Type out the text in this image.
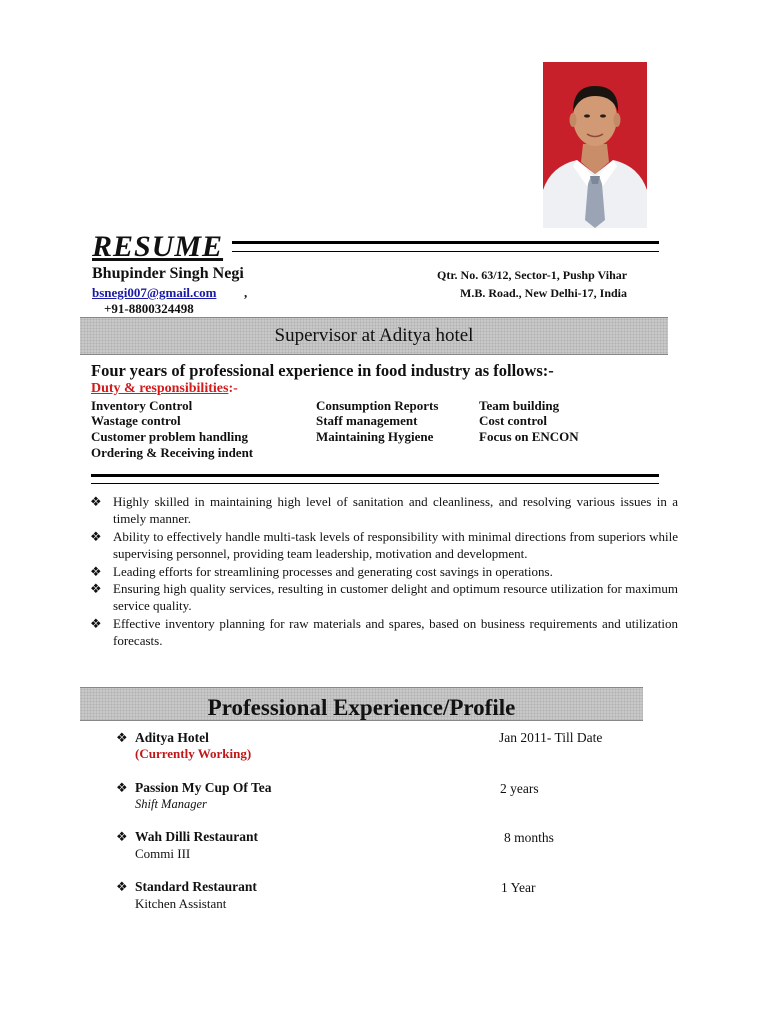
RESUME
Bhupinder Singh Negi
bsnegi007@gmail.com ,
+91-8800324498
Qtr. No. 63/12, Sector-1, Pushp Vihar
M.B. Road., New Delhi-17, India
Supervisor at Aditya hotel
Four years of professional experience in food industry as follows:-
Duty & responsibilities:-
Inventory Control	Consumption Reports	Team building
Wastage control	Staff management	Cost control
Customer problem handling	Maintaining Hygiene	Focus on ENCON
Ordering & Receiving indent
❖ Highly skilled in maintaining high level of sanitation and cleanliness, and resolving various issues in a timely manner.
❖ Ability to effectively handle multi-task levels of responsibility with minimal directions from superiors while supervising personnel, providing team leadership, motivation and development.
❖ Leading efforts for streamlining processes and generating cost savings in operations.
❖ Ensuring high quality services, resulting in customer delight and optimum resource utilization for maximum service quality.
❖ Effective inventory planning for raw materials and spares, based on business requirements and utilization forecasts.
Professional Experience/Profile
❖ Aditya Hotel
(Currently Working)
Jan 2011- Till Date
❖ Passion My Cup Of Tea
Shift Manager
2 years
❖ Wah Dilli Restaurant
Commi III
8 months
❖ Standard Restaurant
Kitchen Assistant
1 Year
